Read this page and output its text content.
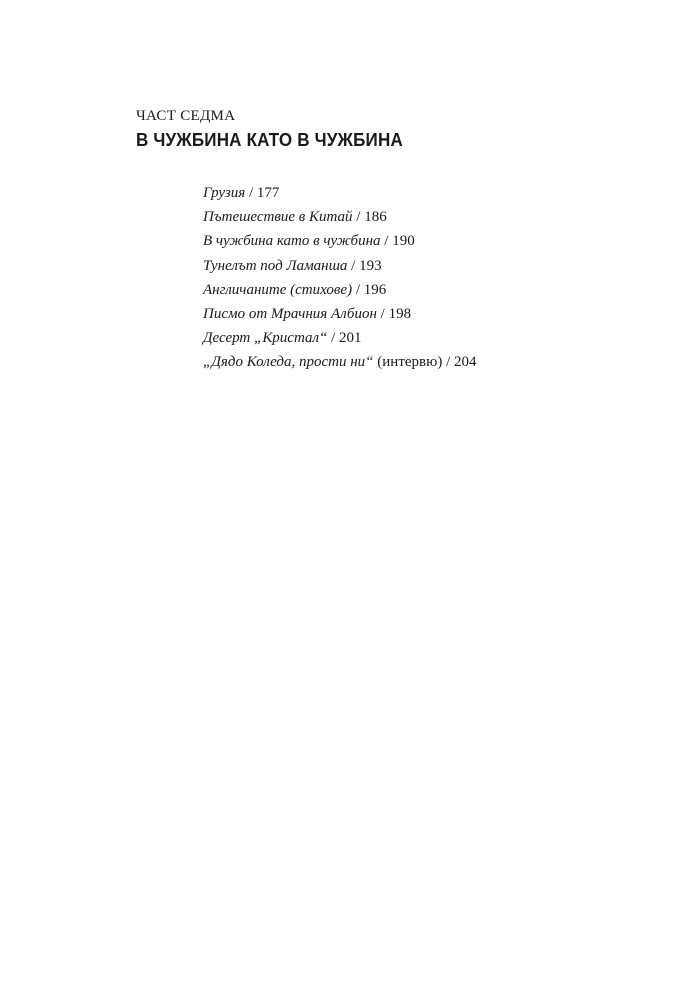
ЧАСТ СЕДМА
В ЧУЖБИНА КАТО В ЧУЖБИНА
Грузия / 177
Пътешествие в Китай / 186
В чужбина като в чужбина / 190
Тунелът под Ламанша / 193
Англичаните (стихове) / 196
Писмо от Мрачния Албион / 198
Десерт „Кристал“ / 201
„Дядо Коледа, прости ни“ (интервю) / 204
